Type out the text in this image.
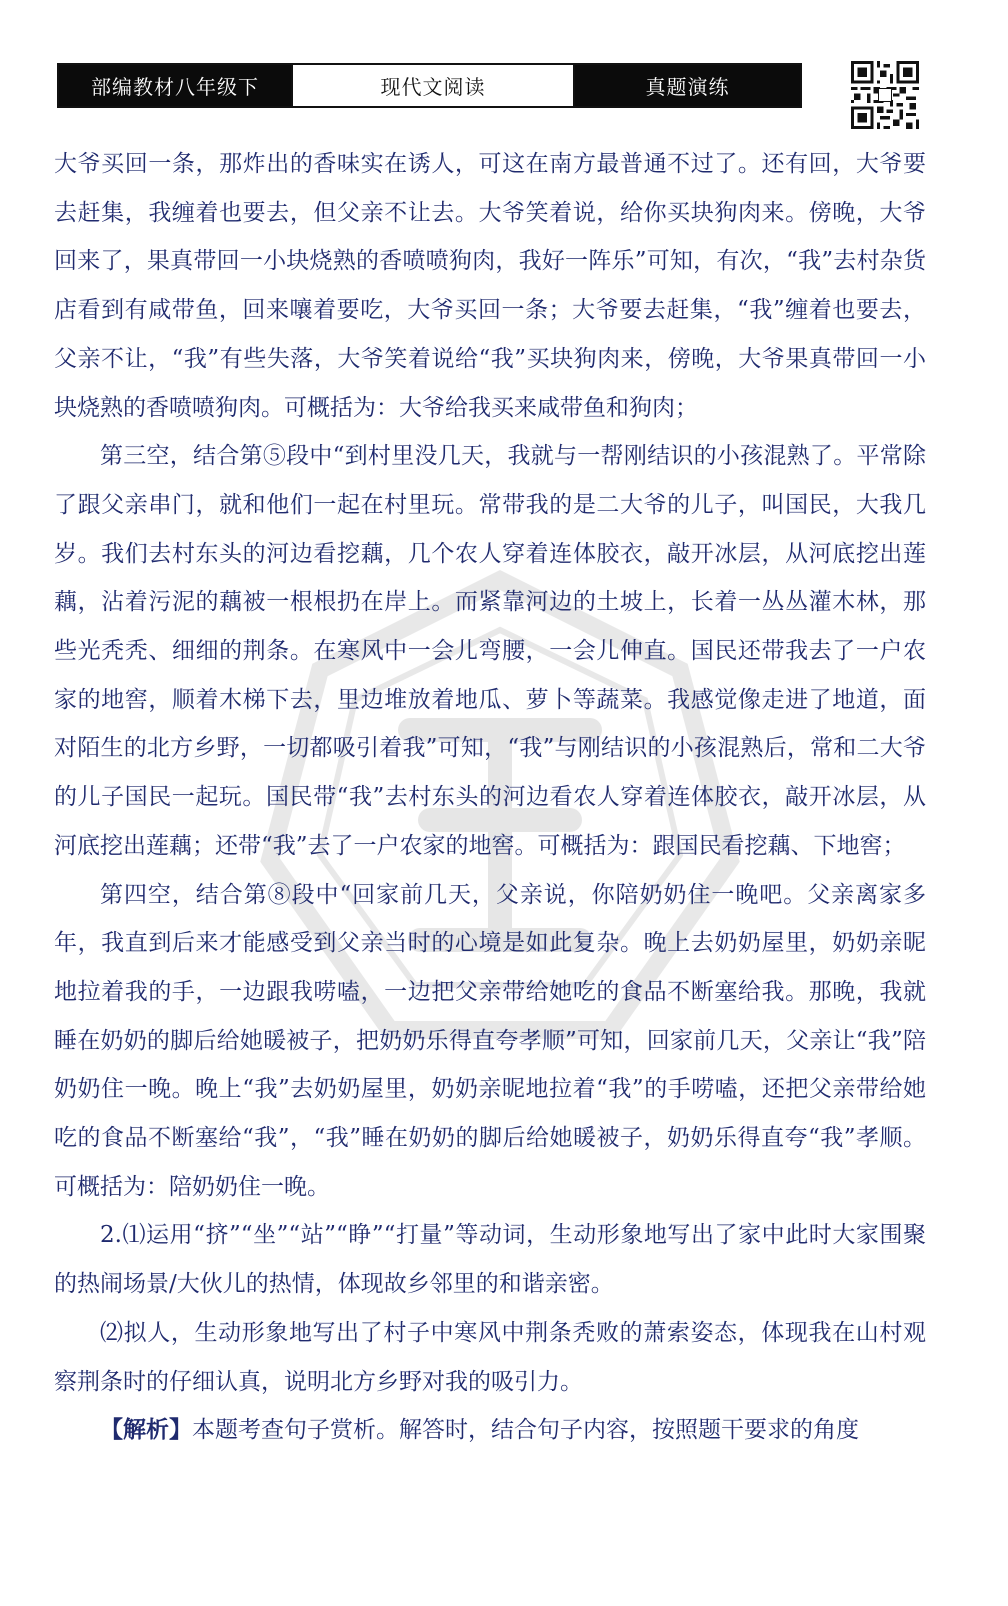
部编教材八年级下	现代文阅读	真题演练

大爷买回一条，那炸出的香味实在诱人，可这在南方最普通不过了。还有回，大爷要去赶集，我缠着也要去，但父亲不让去。大爷笑着说，给你买块狗肉来。傍晚，大爷回来了，果真带回一小块烧熟的香喷喷狗肉，我好一阵乐”可知，有次，“我”去村杂货店看到有咸带鱼，回来嚷着要吃，大爷买回一条；大爷要去赶集，“我”缠着也要去，父亲不让，“我”有些失落，大爷笑着说给“我”买块狗肉来，傍晚，大爷果真带回一小块烧熟的香喷喷狗肉。可概括为：大爷给我买来咸带鱼和狗肉；

第三空，结合第⑤段中“到村里没几天，我就与一帮刚结识的小孩混熟了。平常除了跟父亲串门，就和他们一起在村里玩。常带我的是二大爷的儿子，叫国民，大我几岁。我们去村东头的河边看挖藕，几个农人穿着连体胶衣，敲开冰层，从河底挖出莲藕，沾着污泥的藕被一根根扔在岸上。而紧靠河边的土坡上，长着一丛丛灌木林，那些光秃秃、细细的荆条。在寒风中一会儿弯腰，一会儿伸直。国民还带我去了一户农家的地窖，顺着木梯下去，里边堆放着地瓜、萝卜等蔬菜。我感觉像走进了地道，面对陌生的北方乡野，一切都吸引着我”可知，“我”与刚结识的小孩混熟后，常和二大爷的儿子国民一起玩。国民带“我”去村东头的河边看农人穿着连体胶衣，敲开冰层，从河底挖出莲藕；还带“我”去了一户农家的地窖。可概括为：跟国民看挖藕、下地窖；

第四空，结合第⑧段中“回家前几天，父亲说，你陪奶奶住一晚吧。父亲离家多年，我直到后来才能感受到父亲当时的心境是如此复杂。晚上去奶奶屋里，奶奶亲昵地拉着我的手，一边跟我唠嗑，一边把父亲带给她吃的食品不断塞给我。那晚，我就睡在奶奶的脚后给她暖被子，把奶奶乐得直夸孝顺”可知，回家前几天，父亲让“我”陪奶奶住一晚。晚上“我”去奶奶屋里，奶奶亲昵地拉着“我”的手唠嗑，还把父亲带给她吃的食品不断塞给“我”，“我”睡在奶奶的脚后给她暖被子，奶奶乐得直夸“我”孝顺。可概括为：陪奶奶住一晚。

2.⑴运用“挤”“坐”“站”“睁”“打量”等动词，生动形象地写出了家中此时大家围聚的热闹场景/大伙儿的热情，体现故乡邻里的和谐亲密。

⑵拟人，生动形象地写出了村子中寒风中荆条秃败的萧索姿态，体现我在山村观察荆条时的仔细认真，说明北方乡野对我的吸引力。

【解析】本题考查句子赏析。解答时，结合句子内容，按照题干要求的角度
